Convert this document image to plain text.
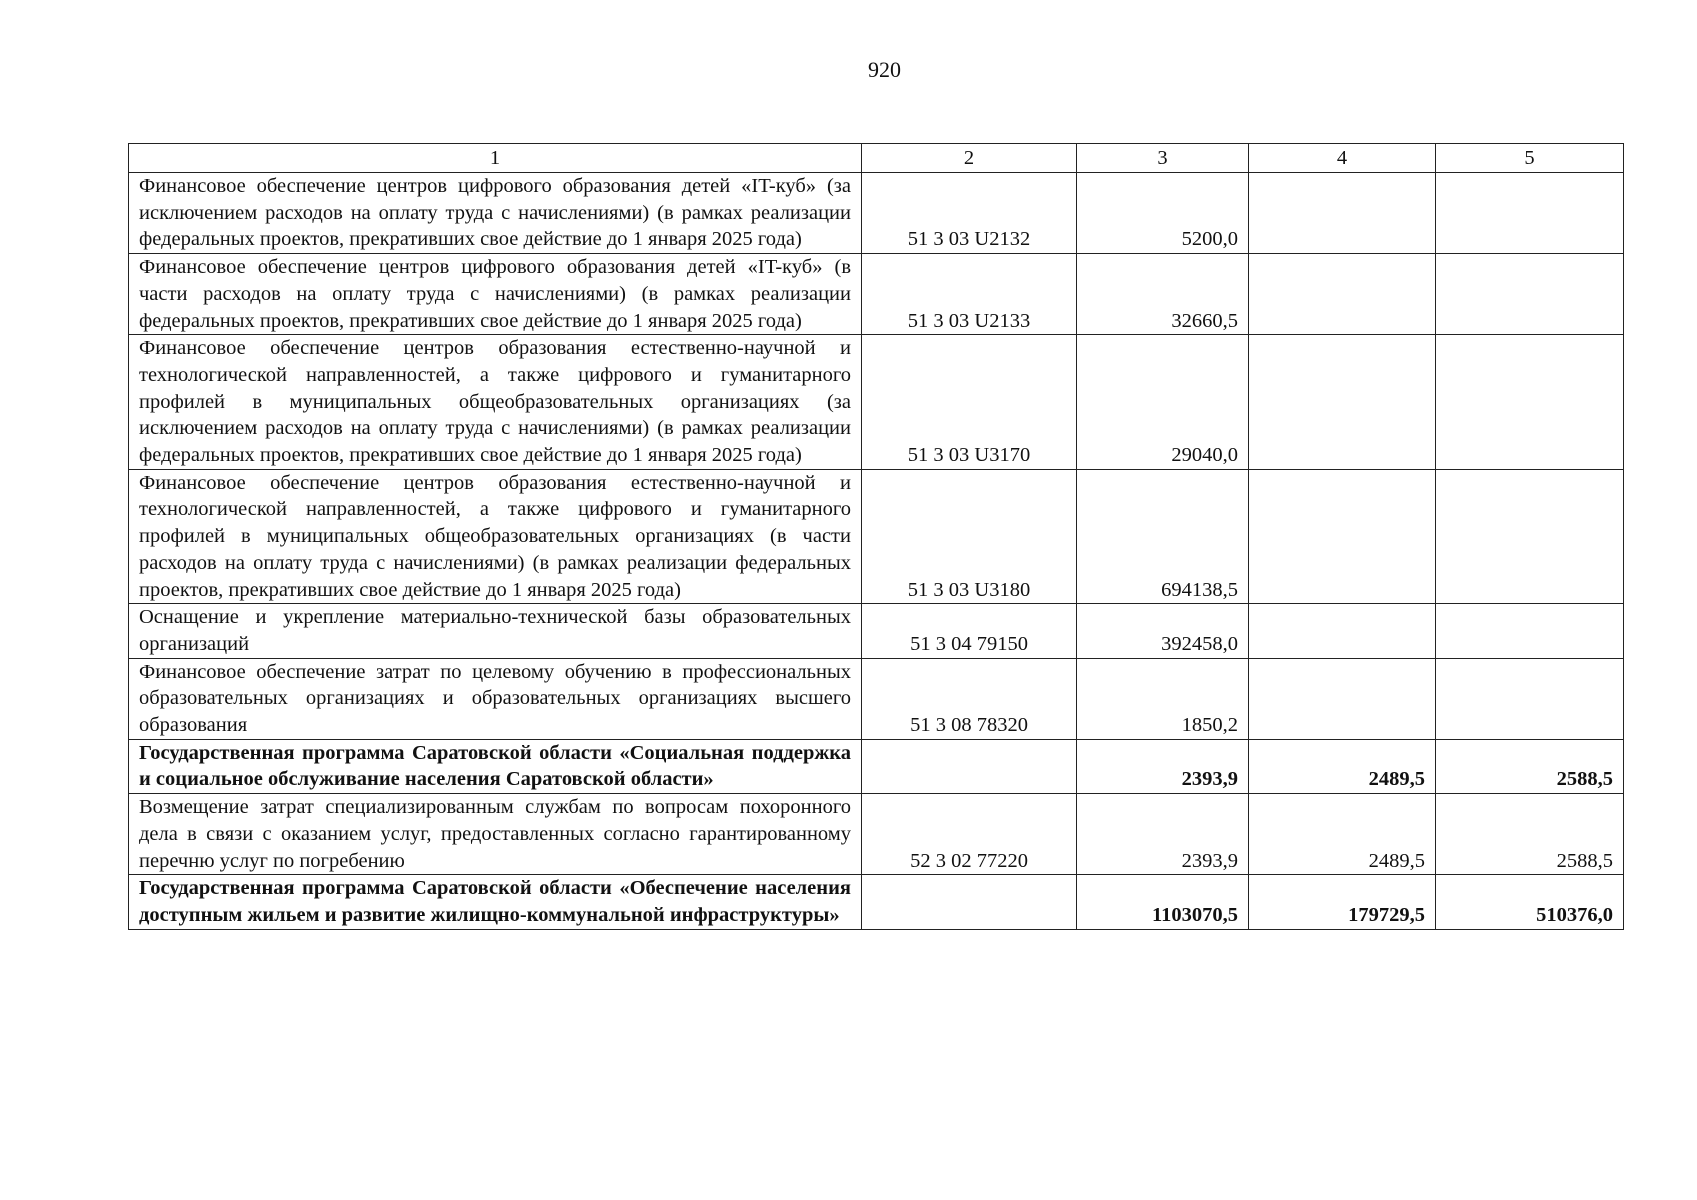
920
1	2	3	4	5
Финансовое обеспечение центров цифрового образования детей «IT-куб» (за исключением расходов на оплату труда с начислениями) (в рамках реализации федеральных проектов, прекративших свое действие до 1 января 2025 года)	51 3 03 U2132	5200,0		
Финансовое обеспечение центров цифрового образования детей «IT-куб» (в части расходов на оплату труда с начислениями) (в рамках реализации федеральных проектов, прекративших свое действие до 1 января 2025 года)	51 3 03 U2133	32660,5		
Финансовое обеспечение центров образования естественно-научной и технологической направленностей, а также цифрового и гуманитарного профилей в муниципальных общеобразовательных организациях (за исключением расходов на оплату труда с начислениями) (в рамках реализации федеральных проектов, прекративших свое действие до 1 января 2025 года)	51 3 03 U3170	29040,0		
Финансовое обеспечение центров образования естественно-научной и технологической направленностей, а также цифрового и гуманитарного профилей в муниципальных общеобразовательных организациях (в части расходов на оплату труда с начислениями) (в рамках реализации федеральных проектов, прекративших свое действие до 1 января 2025 года)	51 3 03 U3180	694138,5		
Оснащение и укрепление материально-технической базы образовательных организаций	51 3 04 79150	392458,0		
Финансовое обеспечение затрат по целевому обучению в профессиональных образовательных организациях и образовательных организациях высшего образования	51 3 08 78320	1850,2		
Государственная программа Саратовской области «Социальная поддержка и социальное обслуживание населения Саратовской области»		2393,9	2489,5	2588,5
Возмещение затрат специализированным службам по вопросам похоронного дела в связи с оказанием услуг, предоставленных согласно гарантированному перечню услуг по погребению	52 3 02 77220	2393,9	2489,5	2588,5
Государственная программа Саратовской области «Обеспечение населения доступным жильем и развитие жилищно-коммунальной инфраструктуры»		1103070,5	179729,5	510376,0
